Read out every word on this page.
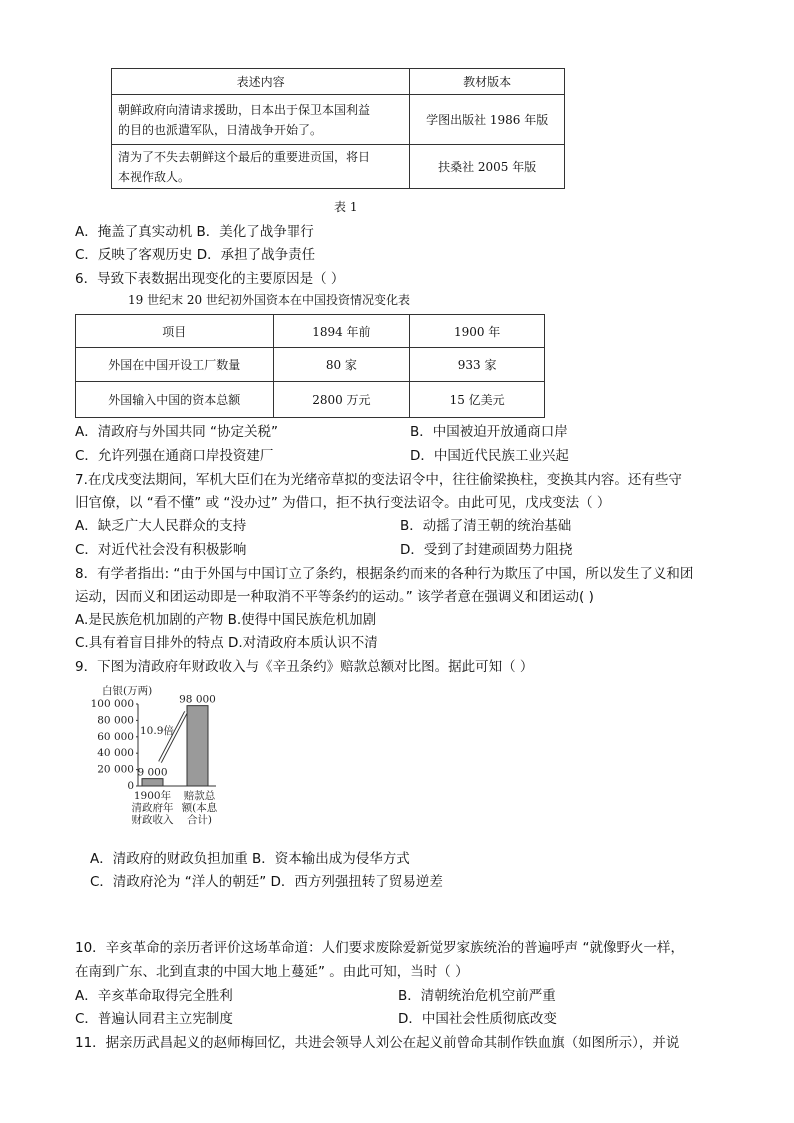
表述内容	教材版本

朝鲜政府向清请求援助，日本出于保卫本国利益
的目的也派遣军队，日清战争开始了。	学图出版社 1986 年版

清为了不失去朝鲜这个最后的重要进贡国，将日
本视作敌人。	扶桑社 2005 年版
表 1
A．掩盖了真实动机 B．美化了战争罪行
C．反映了客观历史 D．承担了战争责任
6．导致下表数据出现变化的主要原因是（ ）
19 世纪末 20 世纪初外国资本在中国投资情况变化表
项目	1894 年前	1900 年
外国在中国开设工厂数量	80 家	933 家
外国输入中国的资本总额	2800 万元	15 亿美元
A．清政府与外国共同 “协定关税”	B．中国被迫开放通商口岸
C．允许列强在通商口岸投资建厂	D．中国近代民族工业兴起
7.在戊戌变法期间，军机大臣们在为光绪帝草拟的变法诏令中，往往偷梁换柱，变换其内容。还有些守
旧官僚，以 “看不懂” 或 “没办过” 为借口，拒不执行变法诏令。由此可见，戊戌变法（ ）
A．缺乏广大人民群众的支持	B．动摇了清王朝的统治基础
C．对近代社会没有积极影响	D．受到了封建顽固势力阻挠
8．有学者指出: “由于外国与中国订立了条约，根据条约而来的各种行为欺压了中国，所以发生了义和团
运动，因而义和团运动即是一种取消不平等条约的运动。” 该学者意在强调义和团运动( )
A.是民族危机加剧的产物 B.使得中国民族危机加剧
C.具有着盲目排外的特点 D.对清政府本质认识不清
9．下图为清政府年财政收入与《辛丑条约》赔款总额对比图。据此可知（ ）
白银(万两)
100 000
80 000
60 000
40 000
20 000
0
9 000
98 000
10.9倍
1900年
清政府年
财政收入
赔款总
额(本息
合计)
A．清政府的财政负担加重 B．资本输出成为侵华方式
C．清政府沦为 “洋人的朝廷” D．西方列强扭转了贸易逆差
10．辛亥革命的亲历者评价这场革命道：人们要求废除爱新觉罗家族统治的普遍呼声 “就像野火一样，
在南到广东、北到直隶的中国大地上蔓延” 。由此可知，当时（ ）
A．辛亥革命取得完全胜利	B．清朝统治危机空前严重
C．普遍认同君主立宪制度	D．中国社会性质彻底改变
11．据亲历武昌起义的赵师梅回忆，共进会领导人刘公在起义前曾命其制作铁血旗（如图所示），并说
